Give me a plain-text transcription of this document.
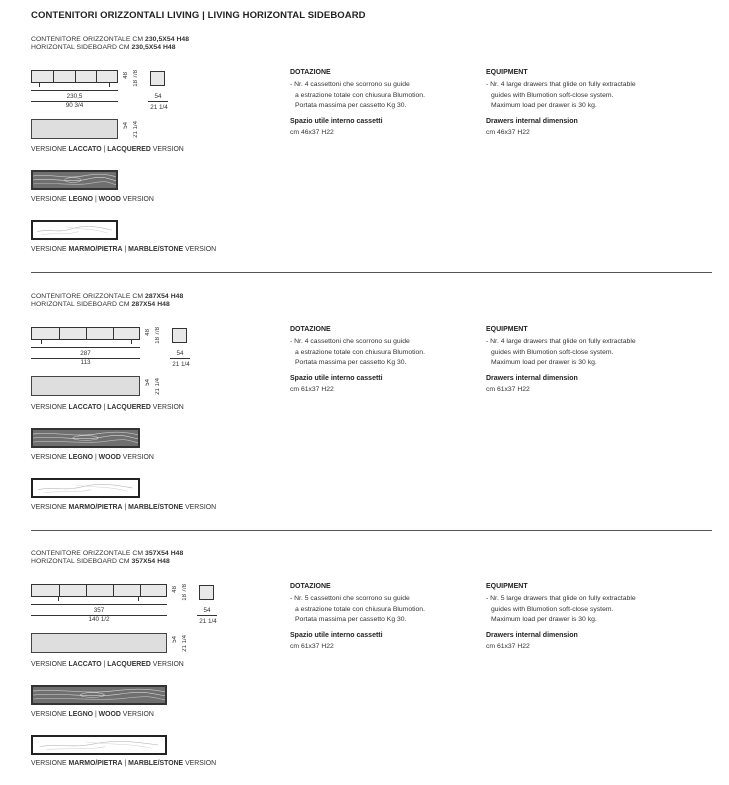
CONTENITORI ORIZZONTALI LIVING | LIVING HORIZONTAL SIDEBOARD
CONTENITORE ORIZZONTALE CM 230,5X54 H48
HORIZONTAL SIDEBOARD CM 230,5X54 H48
48 18 7/8
230,5
90 3/4
54
21 1/4
54 21 1/4
VERSIONE LACCATO | LACQUERED VERSION
VERSIONE LEGNO | WOOD VERSION
VERSIONE MARMO/PIETRA | MARBLE/STONE VERSION
DOTAZIONE
- Nr. 4 cassettoni che scorrono su guide
a estrazione totale con chiusura Blumotion.
Portata massima per cassetto Kg 30.
Spazio utile interno cassetti
cm 46x37 H22
EQUIPMENT
- Nr. 4 large drawers that glide on fully extractable
guides with Blumotion soft-close system.
Maximum load per drawer is 30 kg.
Drawers internal dimension
cm 46x37 H22
CONTENITORE ORIZZONTALE CM 287X54 H48
HORIZONTAL SIDEBOARD CM 287X54 H48
48 18 7/8
287
113
54
21 1/4
54 21 1/4
VERSIONE LACCATO | LACQUERED VERSION
VERSIONE LEGNO | WOOD VERSION
VERSIONE MARMO/PIETRA | MARBLE/STONE VERSION
DOTAZIONE
- Nr. 4 cassettoni che scorrono su guide
a estrazione totale con chiusura Blumotion.
Portata massima per cassetto Kg 30.
Spazio utile interno cassetti
cm 61x37 H22
EQUIPMENT
- Nr. 4 large drawers that glide on fully extractable
guides with Blumotion soft-close system.
Maximum load per drawer is 30 kg.
Drawers internal dimension
cm 61x37 H22
CONTENITORE ORIZZONTALE CM 357X54 H48
HORIZONTAL SIDEBOARD CM 357X54 H48
48 18 7/8
357
140 1/2
54
21 1/4
54 21 1/4
VERSIONE LACCATO | LACQUERED VERSION
VERSIONE LEGNO | WOOD VERSION
VERSIONE MARMO/PIETRA | MARBLE/STONE VERSION
DOTAZIONE
- Nr. 5 cassettoni che scorrono su guide
a estrazione totale con chiusura Blumotion.
Portata massima per cassetto Kg 30.
Spazio utile interno cassetti
cm 61x37 H22
EQUIPMENT
- Nr. 5 large drawers that glide on fully extractable
guides with Blumotion soft-close system.
Maximum load per drawer is 30 kg.
Drawers internal dimension
cm 61x37 H22
